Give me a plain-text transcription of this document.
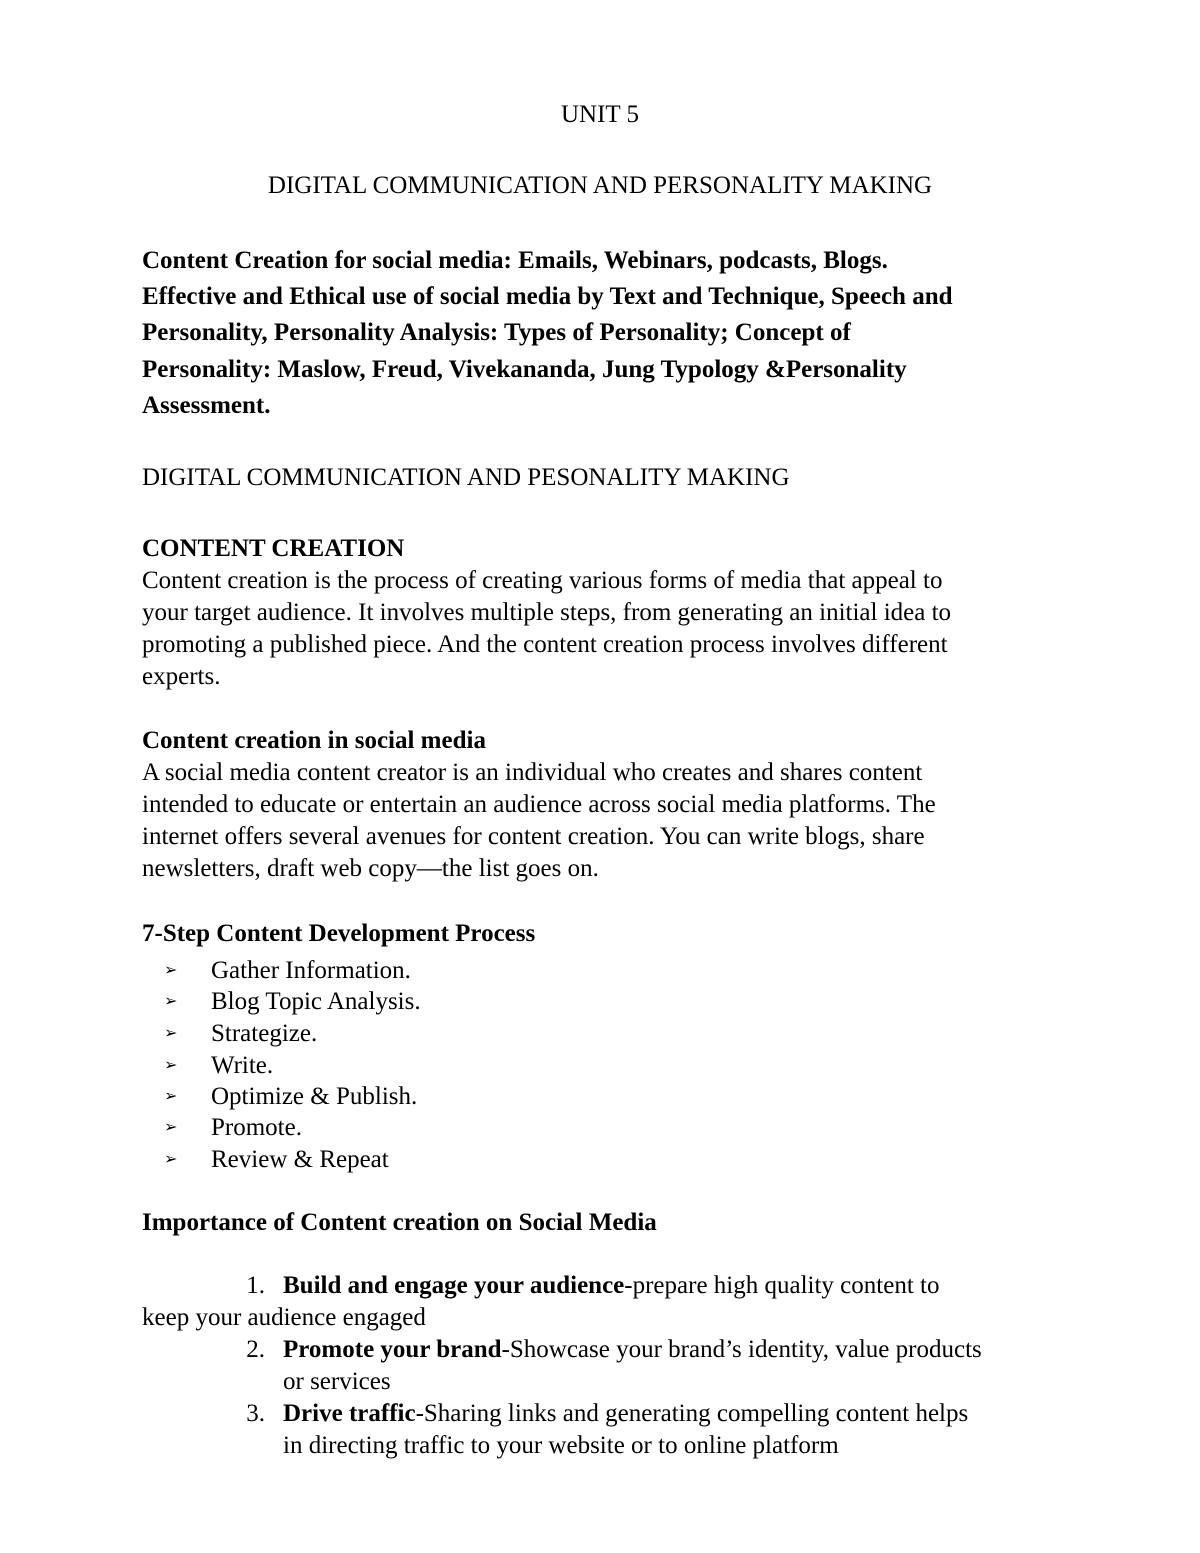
UNIT 5

DIGITAL COMMUNICATION AND PERSONALITY MAKING

Content Creation for social media: Emails, Webinars, podcasts, Blogs.

Effective and Ethical use of social media by Text and Technique, Speech and

Personality, Personality Analysis: Types of Personality; Concept of

Personality: Maslow, Freud, Vivekananda, Jung Typology &Personality

Assessment.

DIGITAL COMMUNICATION AND PESONALITY MAKING

CONTENT CREATION

Content creation is the process of creating various forms of media that appeal to

your target audience. It involves multiple steps, from generating an initial idea to

promoting a published piece. And the content creation process involves different

experts.

Content creation in social media

A social media content creator is an individual who creates and shares content

intended to educate or entertain an audience across social media platforms. The

internet offers several avenues for content creation. You can write blogs, share

newsletters, draft web copy—the list goes on.

7-Step Content Development Process

➢ Gather Information.

➢ Blog Topic Analysis.

➢ Strategize.

➢ Write.

➢ Optimize & Publish.

➢ Promote.

➢ Review & Repeat

Importance of Content creation on Social Media

1. Build and engage your audience-prepare high quality content to

keep your audience engaged

2. Promote your brand-Showcase your brand’s identity, value products

or services

3. Drive traffic-Sharing links and generating compelling content helps

in directing traffic to your website or to online platform
